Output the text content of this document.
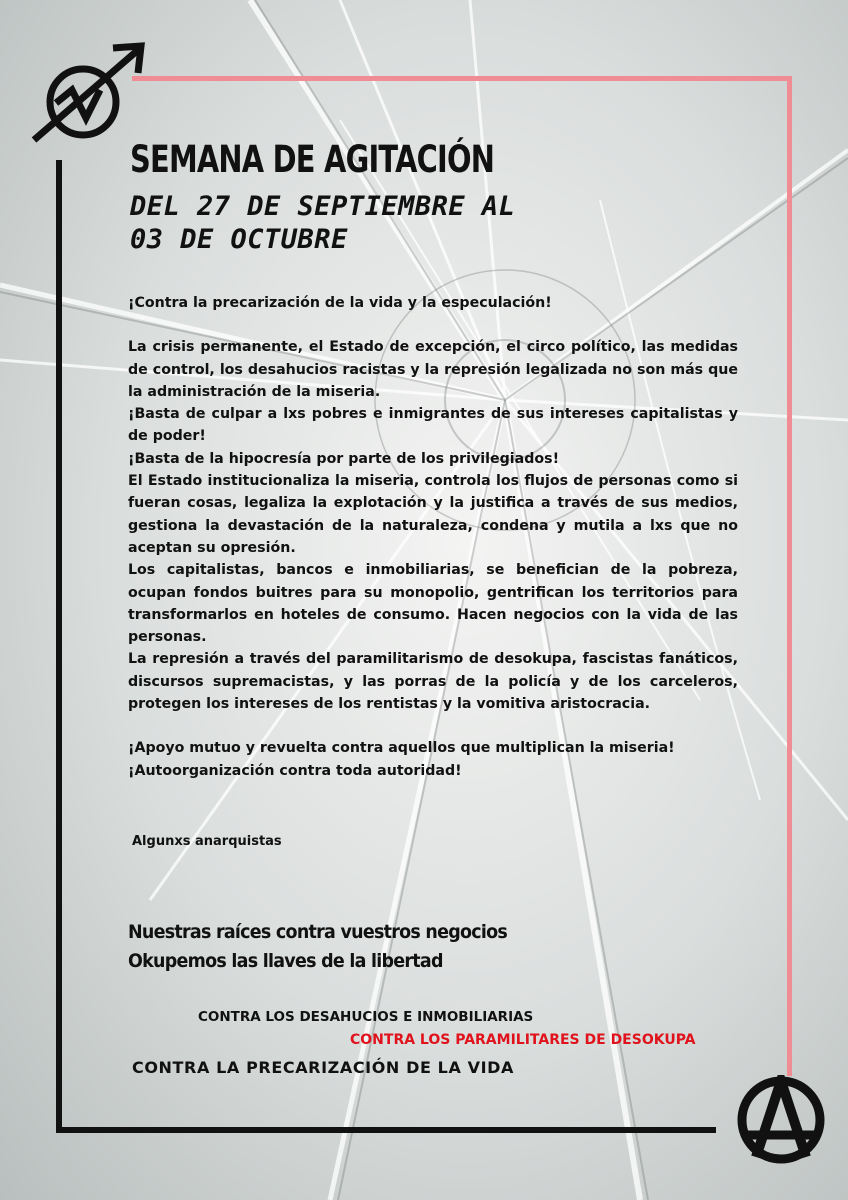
SEMANA DE AGITACIÓN
DEL 27 DE SEPTIEMBRE AL
03 DE OCTUBRE

¡Contra la precarización de la vida y la especulación!

La crisis permanente, el Estado de excepción, el circo político, las medidas de control, los desahucios racistas y la represión legalizada no son más que la administración de la miseria.

¡Basta de culpar a lxs pobres e inmigrantes de sus intereses capitalistas y de poder!

¡Basta de la hipocresía por parte de los privilegiados!

El Estado institucionaliza la miseria, controla los flujos de personas como si fueran cosas, legaliza la explotación y la justifica a través de sus medios, gestiona la devastación de la naturaleza, condena y mutila a lxs que no aceptan su opresión.

Los capitalistas, bancos e inmobiliarias, se benefician de la pobreza, ocupan fondos buitres para su monopolio, gentrifican los territorios para transformarlos en hoteles de consumo. Hacen negocios con la vida de las personas.

La represión a través del paramilitarismo de desokupa, fascistas fanáticos, discursos supremacistas, y las porras de la policía y de los carceleros, protegen los intereses de los rentistas y la vomitiva aristocracia.

¡Apoyo mutuo y revuelta contra aquellos que multiplican la miseria!

¡Autoorganización contra toda autoridad!

Algunxs anarquistas
Nuestras raíces contra vuestros negocios
Okupemos las llaves de la libertad
CONTRA LOS DESAHUCIOS E INMOBILIARIAS
CONTRA LOS PARAMILITARES DE DESOKUPA
CONTRA LA PRECARIZACIÓN DE LA VIDA
